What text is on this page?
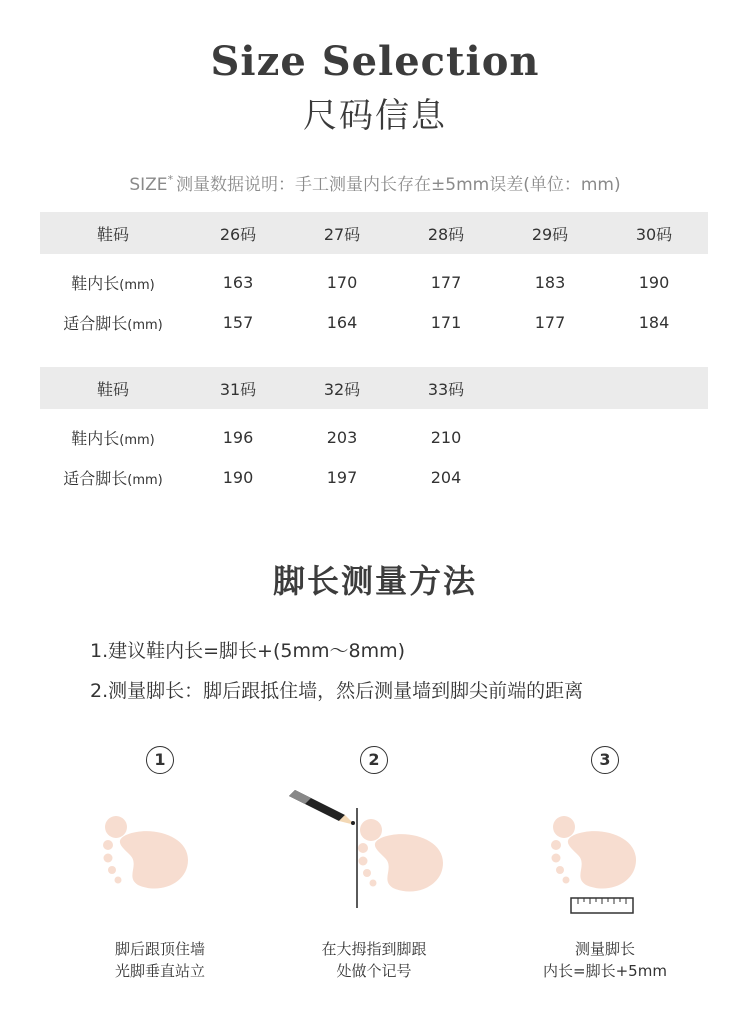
Size Selection
尺码信息
SIZE* 测量数据说明：手工测量内长存在±5mm误差(单位：mm)
鞋码	26码	27码	28码	29码	30码
鞋内长(mm)	163	170	177	183	190
适合脚长(mm)	157	164	171	177	184
鞋码	31码	32码	33码
鞋内长(mm)	196	203	210
适合脚长(mm)	190	197	204
脚长测量方法
1.建议鞋内长=脚长+(5mm～8mm)
2.测量脚长：脚后跟抵住墙，然后测量墙到脚尖前端的距离
1	2	3
脚后跟顶住墙
光脚垂直站立
在大拇指到脚跟
处做个记号
测量脚长
内长=脚长+5mm
